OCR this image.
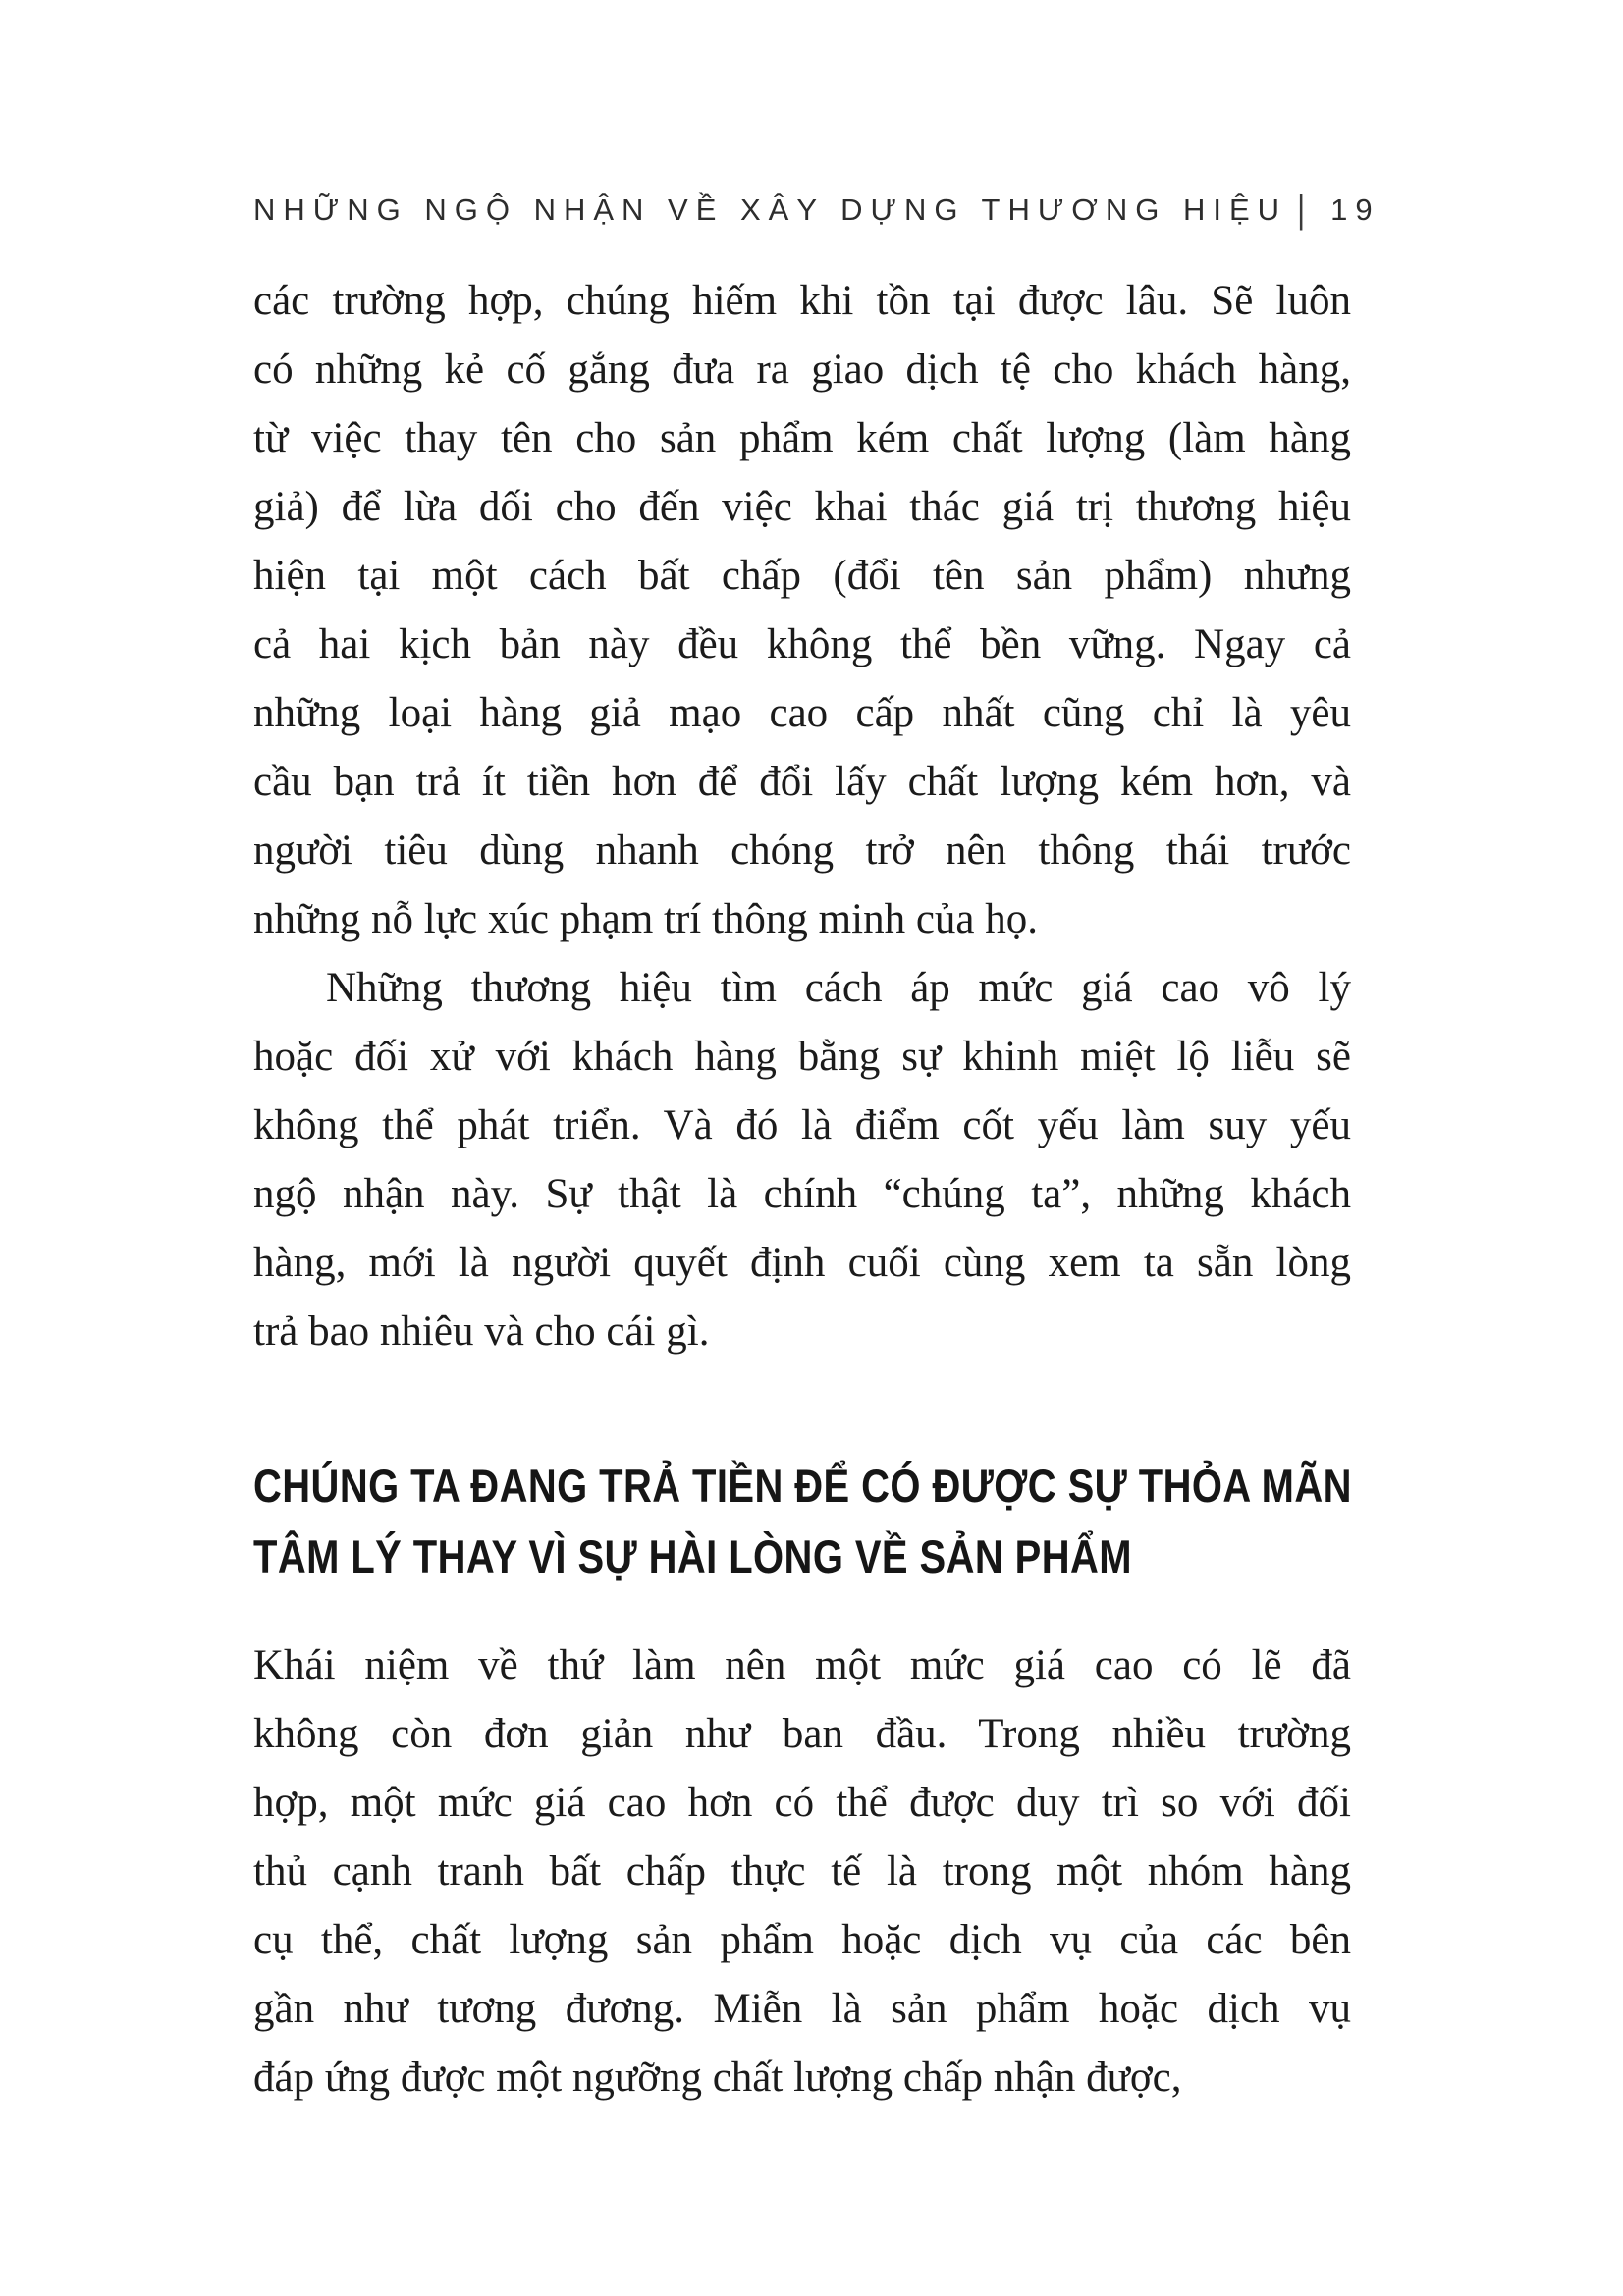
NHỮNG NGỘ NHẬN VỀ XÂY DỰNG THƯƠNG HIỆU | 19
các trường hợp, chúng hiếm khi tồn tại được lâu. Sẽ luôn
có những kẻ cố gắng đưa ra giao dịch tệ cho khách hàng,
từ việc thay tên cho sản phẩm kém chất lượng (làm hàng
giả) để lừa dối cho đến việc khai thác giá trị thương hiệu
hiện tại một cách bất chấp (đổi tên sản phẩm) nhưng
cả hai kịch bản này đều không thể bền vững. Ngay cả
những loại hàng giả mạo cao cấp nhất cũng chỉ là yêu
cầu bạn trả ít tiền hơn để đổi lấy chất lượng kém hơn, và
người tiêu dùng nhanh chóng trở nên thông thái trước
những nỗ lực xúc phạm trí thông minh của họ.
Những thương hiệu tìm cách áp mức giá cao vô lý
hoặc đối xử với khách hàng bằng sự khinh miệt lộ liễu sẽ
không thể phát triển. Và đó là điểm cốt yếu làm suy yếu
ngộ nhận này. Sự thật là chính “chúng ta”, những khách
hàng, mới là người quyết định cuối cùng xem ta sẵn lòng
trả bao nhiêu và cho cái gì.
CHÚNG TA ĐANG TRẢ TIỀN ĐỂ CÓ ĐƯỢC SỰ THỎA MÃN
TÂM LÝ THAY VÌ SỰ HÀI LÒNG VỀ SẢN PHẨM
Khái niệm về thứ làm nên một mức giá cao có lẽ đã
không còn đơn giản như ban đầu. Trong nhiều trường
hợp, một mức giá cao hơn có thể được duy trì so với đối
thủ cạnh tranh bất chấp thực tế là trong một nhóm hàng
cụ thể, chất lượng sản phẩm hoặc dịch vụ của các bên
gần như tương đương. Miễn là sản phẩm hoặc dịch vụ
đáp ứng được một ngưỡng chất lượng chấp nhận được,
